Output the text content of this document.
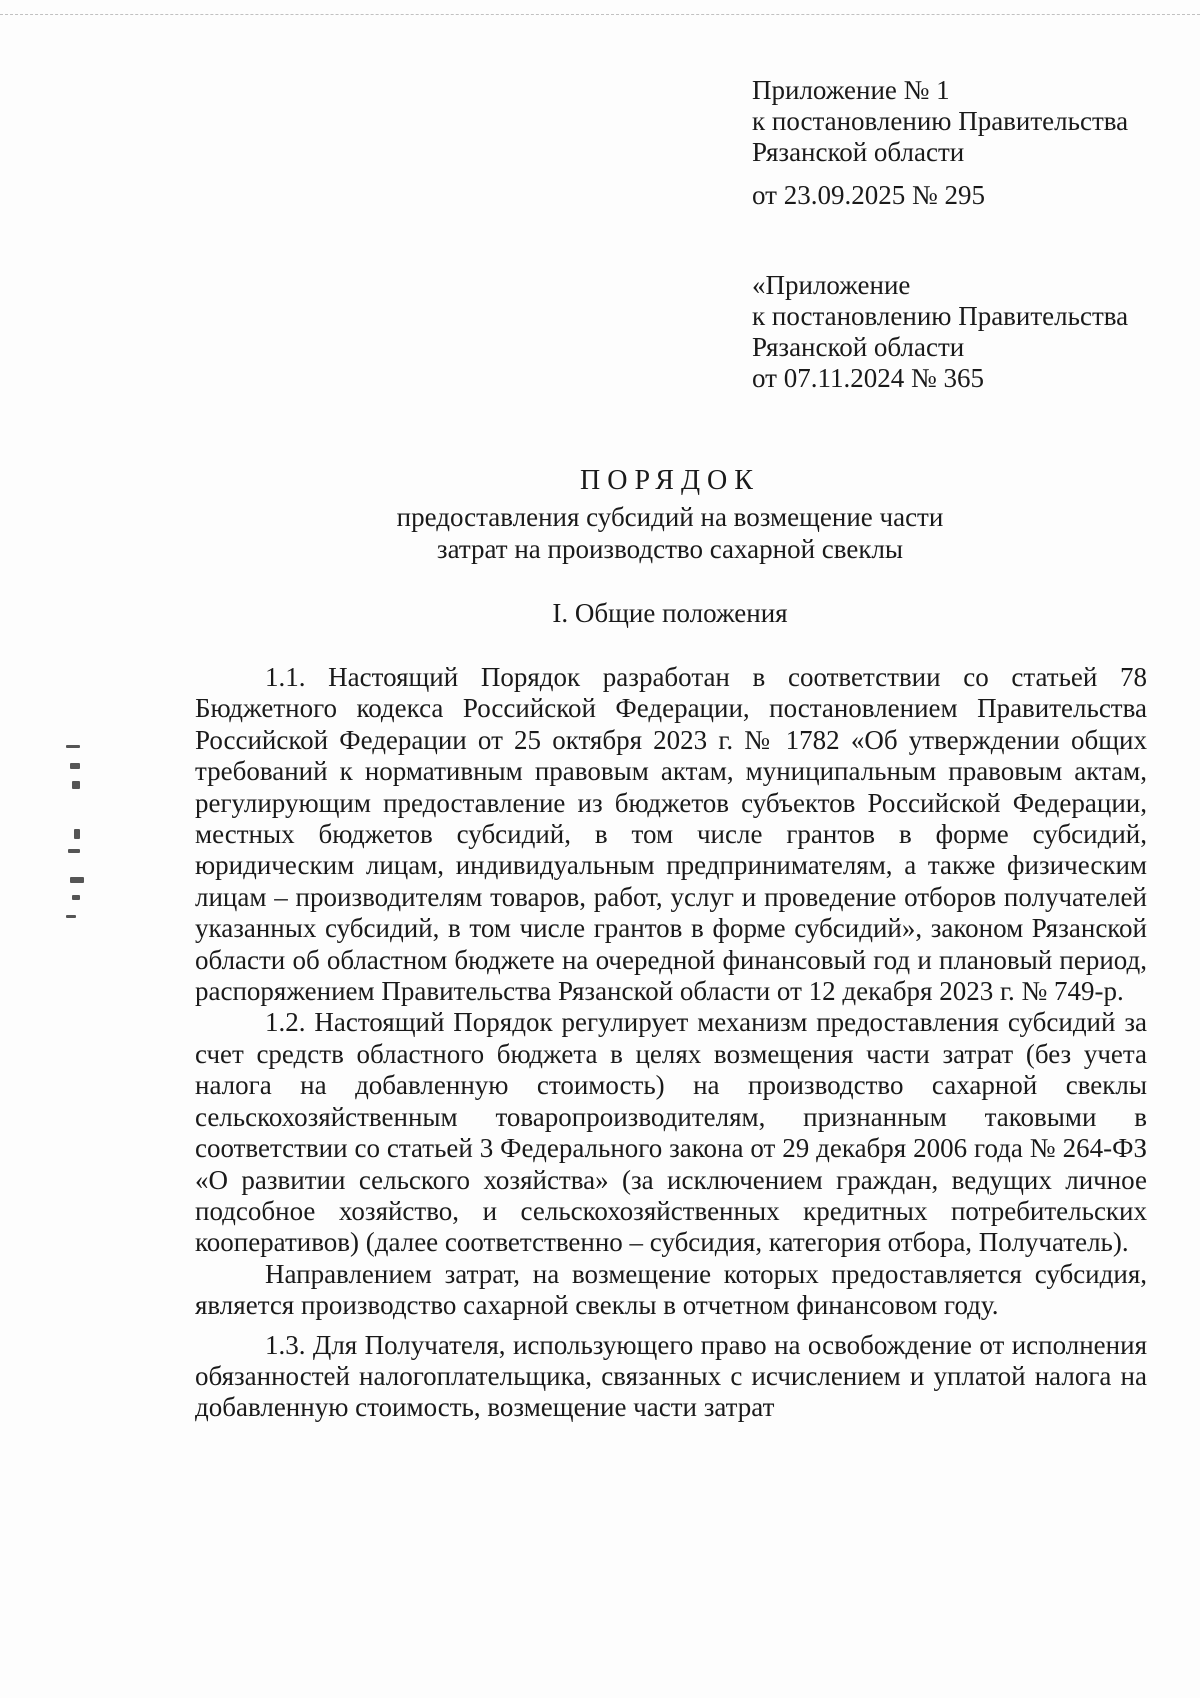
Приложение № 1

к постановлению Правительства

Рязанской области

от 23.09.2025 № 295

«Приложение

к постановлению Правительства

Рязанской области

от 07.11.2024 № 365

ПОРЯДОК

предоставления субсидий на возмещение части

затрат на производство сахарной свеклы

I. Общие положения

1.1. Настоящий Порядок разработан в соответствии со статьей 78 Бюджетного кодекса Российской Федерации, постановлением Правительства Российской Федерации от 25 октября 2023 г. № 1782 «Об утверждении общих требований к нормативным правовым актам, муниципальным правовым актам, регулирующим предоставление из бюджетов субъектов Российской Федерации, местных бюджетов субсидий, в том числе грантов в форме субсидий, юридическим лицам, индивидуальным предпринимателям, а также физическим лицам – производителям товаров, работ, услуг и проведение отборов получателей указанных субсидий, в том числе грантов в форме субсидий», законом Рязанской области об областном бюджете на очередной финансовый год и плановый период, распоряжением Правительства Рязанской области от 12 декабря 2023 г. № 749-р.

1.2. Настоящий Порядок регулирует механизм предоставления субсидий за счет средств областного бюджета в целях возмещения части затрат (без учета налога на добавленную стоимость) на производство сахарной свеклы сельскохозяйственным товаропроизводителям, признанным таковыми в соответствии со статьей 3 Федерального закона от 29 декабря 2006 года № 264-ФЗ «О развитии сельского хозяйства» (за исключением граждан, ведущих личное подсобное хозяйство, и сельскохозяйственных кредитных потребительских кооперативов) (далее соответственно – субсидия, категория отбора, Получатель).

Направлением затрат, на возмещение которых предоставляется субсидия, является производство сахарной свеклы в отчетном финансовом году.

1.3. Для Получателя, использующего право на освобождение от исполнения обязанностей налогоплательщика, связанных с исчислением и уплатой налога на добавленную стоимость, возмещение части затрат
